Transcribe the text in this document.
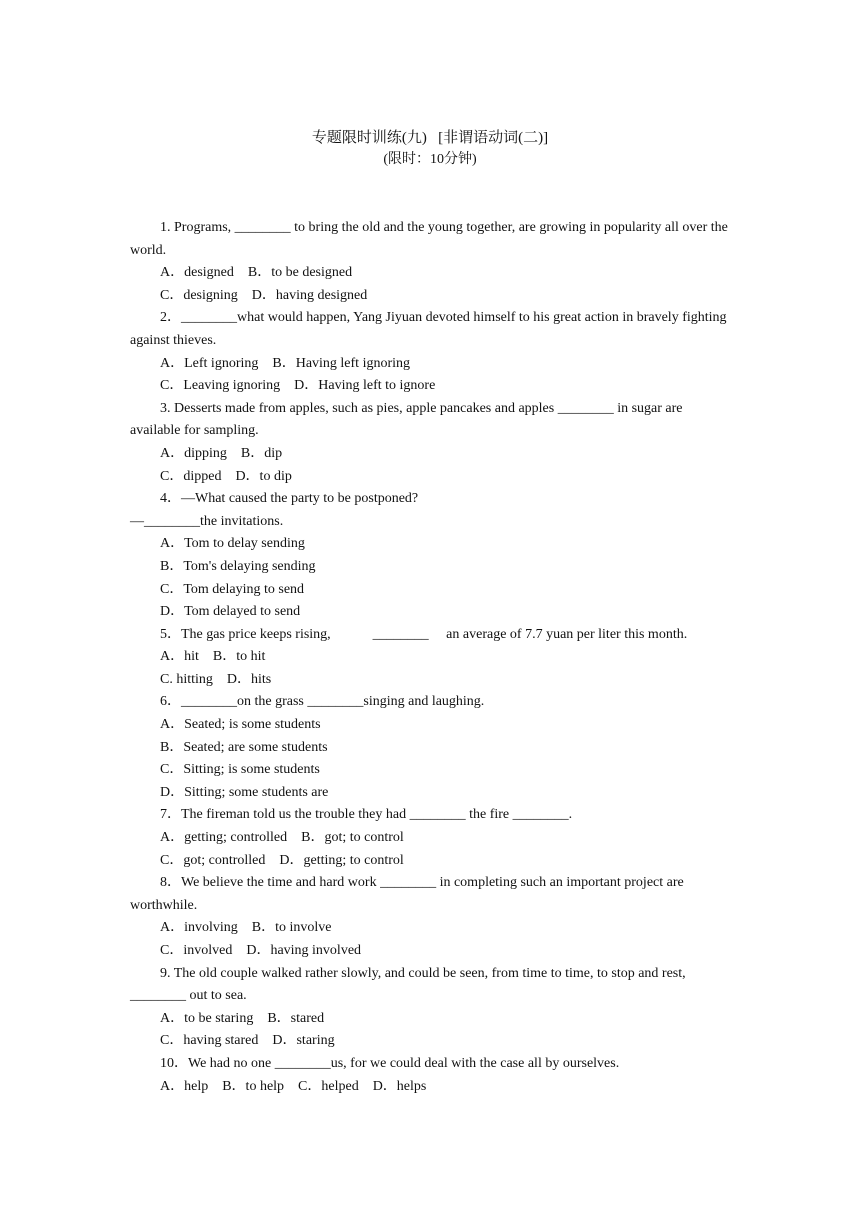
专题限时训练(九)   [非谓语动词(二)]
(限时：10分钟)

1. Programs, ________ to bring the old and the young together, are growing in popularity all over the world.

A．designed    B．to be designed

C．designing    D．having designed

2．________what would happen, Yang Jiyuan devoted himself to his great action in bravely fighting against thieves.

A．Left ignoring    B．Having left ignoring

C．Leaving ignoring    D．Having left to ignore

3. Desserts made from apples, such as pies, apple pancakes and apples ________ in sugar are available for sampling.

A．dipping    B．dip

C．dipped    D．to dip

4．—What caused the party to be postponed?

—________the invitations.

A．Tom to delay sending

B．Tom's delaying sending

C．Tom delaying to send

D．Tom delayed to send

5．The gas price keeps rising,            ________     an average of 7.7 yuan per liter this month.

A．hit    B．to hit

C. hitting    D．hits

6．________on the grass ________singing and laughing.

A．Seated; is some students

B．Seated; are some students

C．Sitting; is some students

D．Sitting; some students are

7．The fireman told us the trouble they had ________ the fire ________.

A．getting; controlled    B．got; to control

C．got; controlled    D．getting; to control

8．We believe the time and hard work ________ in completing such an important project are worthwhile.

A．involving    B．to involve

C．involved    D．having involved

9. The old couple walked rather slowly, and could be seen, from time to time, to stop and rest, ________ out to sea.

A．to be staring    B．stared

C．having stared    D．staring

10．We had no one ________us, for we could deal with the case all by ourselves.

A．help    B．to help    C．helped    D．helps
